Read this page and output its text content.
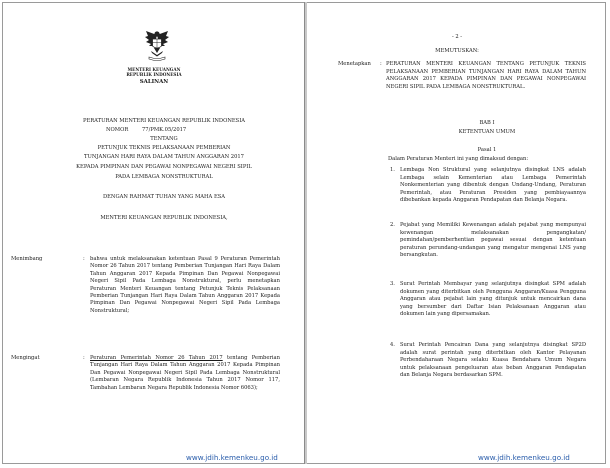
MENTERI KEUANGAN
REPUBLIK INDONESIA
SALINAN
PERATURAN MENTERI KEUANGAN REPUBLIK INDONESIA
NOMOR	77/PMK.05/2017
TENTANG
PETUNJUK TEKNIS PELAKSANAAN PEMBERIAN
TUNJANGAN HARI RAYA DALAM TAHUN ANGGARAN 2017
KEPADA PIMPINAN DAN PEGAWAI NONPEGAWAI NEGERI SIPIL
PADA LEMBAGA NONSTRUKTURAL
DENGAN RAHMAT TUHAN YANG MAHA ESA
MENTERI KEUANGAN REPUBLIK INDONESIA,
Menimbang	: bahwa untuk melaksanakan ketentuan Pasal 9 Peraturan Pemerintah Nomor 26 Tahun 2017 tentang Pemberian Tunjangan Hari Raya Dalam Tahun Anggaran 2017 Kepada Pimpinan Dan Pegawai Nonpegawai Negeri Sipil Pada Lembaga Nonstruktural, perlu menetapkan Peraturan Menteri Keuangan tentang Petunjuk Teknis Pelaksanaan Pemberian Tunjangan Hari Raya Dalam Tahun Anggaran 2017 Kepada Pimpinan Dan Pegawai Nonpegawai Negeri Sipil Pada Lembaga Nonstruktural;
Mengingat	: Peraturan Pemerintah Nomor 26 Tahun 2017 tentang Pemberian Tunjangan Hari Raya Dalam Tahun Anggaran 2017 Kepada Pimpinan Dan Pegawai Nonpegawai Negeri Sipil Pada Lembaga Nonstruktural (Lembaran Negara Republik Indonesia Tahun 2017 Nomor 117, Tambahan Lembaran Negara Republik Indonesia Nomor 6063);
www.jdih.kemenkeu.go.id
- 2 -
MEMUTUSKAN:
Menetapkan : PERATURAN MENTERI KEUANGAN TENTANG PETUNJUK TEKNIS PELAKSANAAN PEMBERIAN TUNJANGAN HARI RAYA DALAM TAHUN ANGGARAN 2017 KEPADA PIMPINAN DAN PEGAWAI NONPEGAWAI NEGERI SIPIL PADA LEMBAGA NONSTRUKTURAL.
BAB I
KETENTUAN UMUM
Pasal 1
Dalam Peraturan Menteri ini yang dimaksud dengan:
1. Lembaga Non Struktural yang selanjutnya disingkat LNS adalah Lembaga selain Kementerian atau Lembaga Pemerintah Nonkementerian yang dibentuk dengan Undang-Undang, Peraturan Pemerintah, atau Peraturan Presiden yang pembiayaannya dibebankan kepada Anggaran Pendapatan dan Belanja Negara.
2. Pejabat yang Memiliki Kewenangan adalah pejabat yang mempunyai kewenangan melaksanakan pengangkatan/ pemindahan/pemberhentian pegawai sesuai dengan ketentuan peraturan perundang-undangan yang mengatur mengenai LNS yang bersangkutan.
3. Surat Perintah Membayar yang selanjutnya disingkat SPM adalah dokumen yang diterbitkan oleh Pengguna Anggaran/Kuasa Pengguna Anggaran atau pejabat lain yang ditunjuk untuk mencairkan dana yang bersumber dari Daftar Isian Pelaksanaan Anggaran atau dokumen lain yang dipersamakan.
4. Surat Perintah Pencairan Dana yang selanjutnya disingkat SP2D adalah surat perintah yang diterbitkan oleh Kantor Pelayanan Perbendaharaan Negara selaku Kuasa Bendahara Umum Negara untuk pelaksanaan pengeluaran atas beban Anggaran Pendapatan dan Belanja Negara berdasarkan SPM.
www.jdih.kemenkeu.go.id
